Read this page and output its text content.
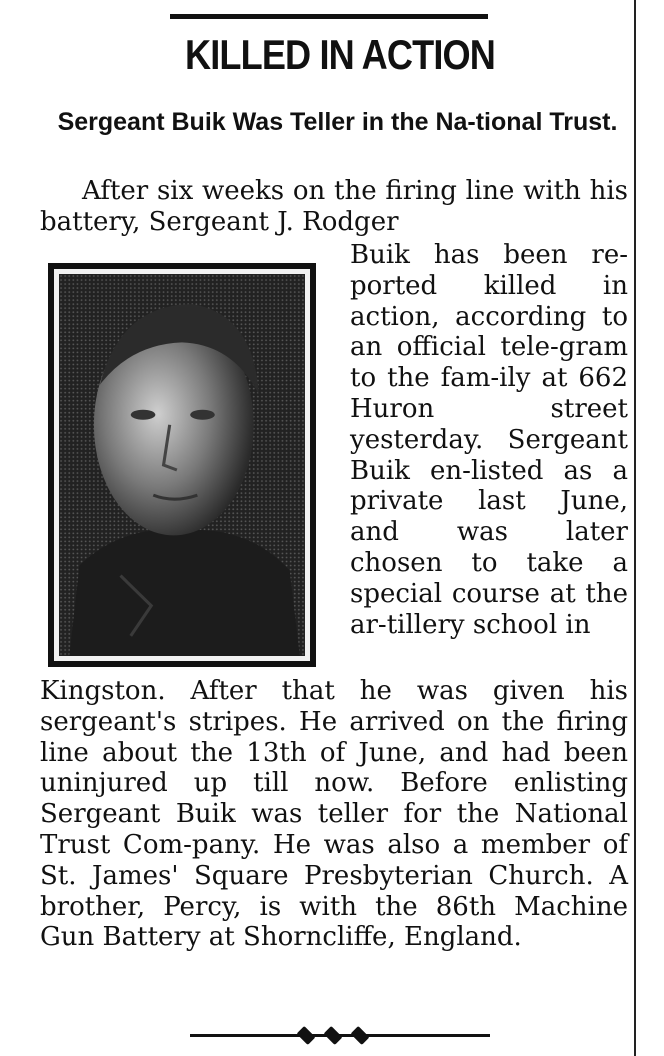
KILLED IN ACTION
Sergeant Buik Was Teller in the Na-tional Trust.
After six weeks on the firing line with his battery, Sergeant J. Rodger
Buik has been re-ported killed in action, according to an official tele-gram to the fam-ily at 662 Huron street yesterday. Sergeant Buik en-listed as a private last June, and was later chosen to take a special course at the ar-tillery school in
Kingston. After that he was given his sergeant's stripes. He arrived on the firing line about the 13th of June, and had been uninjured up till now. Before enlisting Sergeant Buik was teller for the National Trust Com-pany. He was also a member of St. James' Square Presbyterian Church. A brother, Percy, is with the 86th Machine Gun Battery at Shorncliffe, England.
